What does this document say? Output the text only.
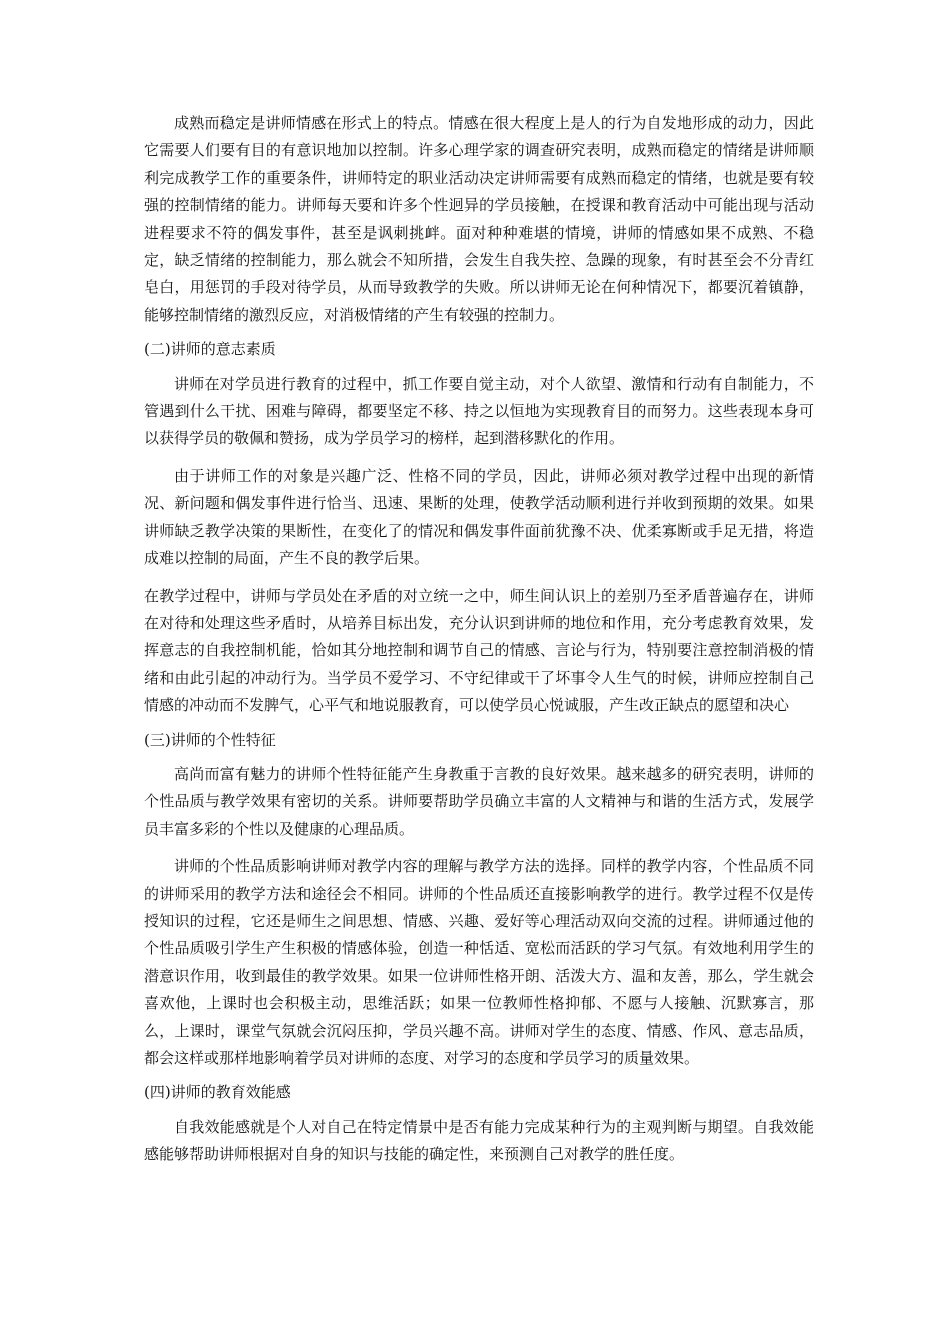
成熟而稳定是讲师情感在形式上的特点。情感在很大程度上是人的行为自发地形成的动力，因此它需要人们要有目的有意识地加以控制。许多心理学家的调查研究表明，成熟而稳定的情绪是讲师顺利完成教学工作的重要条件，讲师特定的职业活动决定讲师需要有成熟而稳定的情绪，也就是要有较强的控制情绪的能力。讲师每天要和许多个性迥异的学员接触，在授课和教育活动中可能出现与活动进程要求不符的偶发事件，甚至是讽刺挑衅。面对种种难堪的情境，讲师的情感如果不成熟、不稳定，缺乏情绪的控制能力，那么就会不知所措，会发生自我失控、急躁的现象，有时甚至会不分青红皂白，用惩罚的手段对待学员，从而导致教学的失败。所以讲师无论在何种情况下，都要沉着镇静，能够控制情绪的激烈反应，对消极情绪的产生有较强的控制力。

(二)讲师的意志素质

讲师在对学员进行教育的过程中，抓工作要自觉主动，对个人欲望、激情和行动有自制能力，不管遇到什么干扰、困难与障碍，都要坚定不移、持之以恒地为实现教育目的而努力。这些表现本身可以获得学员的敬佩和赞扬，成为学员学习的榜样，起到潜移默化的作用。

由于讲师工作的对象是兴趣广泛、性格不同的学员，因此，讲师必须对教学过程中出现的新情况、新问题和偶发事件进行恰当、迅速、果断的处理，使教学活动顺利进行并收到预期的效果。如果讲师缺乏教学决策的果断性，在变化了的情况和偶发事件面前犹豫不决、优柔寡断或手足无措，将造成难以控制的局面，产生不良的教学后果。

在教学过程中，讲师与学员处在矛盾的对立统一之中，师生间认识上的差别乃至矛盾普遍存在，讲师在对待和处理这些矛盾时，从培养目标出发，充分认识到讲师的地位和作用，充分考虑教育效果，发挥意志的自我控制机能，恰如其分地控制和调节自己的情感、言论与行为，特别要注意控制消极的情绪和由此引起的冲动行为。当学员不爱学习、不守纪律或干了坏事令人生气的时候，讲师应控制自己情感的冲动而不发脾气，心平气和地说服教育，可以使学员心悦诚服，产生改正缺点的愿望和决心

(三)讲师的个性特征

高尚而富有魅力的讲师个性特征能产生身教重于言教的良好效果。越来越多的研究表明，讲师的个性品质与教学效果有密切的关系。讲师要帮助学员确立丰富的人文精神与和谐的生活方式，发展学员丰富多彩的个性以及健康的心理品质。

讲师的个性品质影响讲师对教学内容的理解与教学方法的选择。同样的教学内容，个性品质不同的讲师采用的教学方法和途径会不相同。讲师的个性品质还直接影响教学的进行。教学过程不仅是传授知识的过程，它还是师生之间思想、情感、兴趣、爱好等心理活动双向交流的过程。讲师通过他的个性品质吸引学生产生积极的情感体验，创造一种恬适、宽松而活跃的学习气氛。有效地利用学生的潜意识作用，收到最佳的教学效果。如果一位讲师性格开朗、活泼大方、温和友善，那么，学生就会喜欢他，上课时也会积极主动，思维活跃；如果一位教师性格抑郁、不愿与人接触、沉默寡言，那么，上课时，课堂气氛就会沉闷压抑，学员兴趣不高。讲师对学生的态度、情感、作风、意志品质，都会这样或那样地影响着学员对讲师的态度、对学习的态度和学员学习的质量效果。

(四)讲师的教育效能感

自我效能感就是个人对自己在特定情景中是否有能力完成某种行为的主观判断与期望。自我效能感能够帮助讲师根据对自身的知识与技能的确定性，来预测自己对教学的胜任度。
